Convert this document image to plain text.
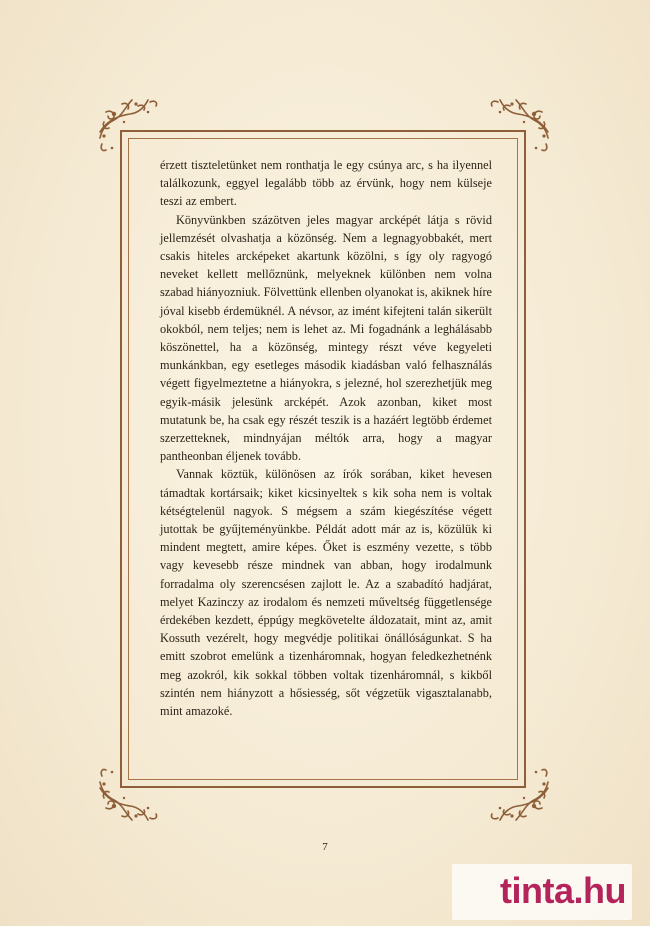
érzett tiszteletünket nem ronthatja le egy csúnya arc, s ha ilyennel találkozunk, eggyel legalább több az érvünk, hogy nem külseje teszi az embert.

Könyvünkben százötven jeles magyar arcképét látja s rövid jellemzését olvashatja a közönség. Nem a legnagyobbakét, mert csakis hiteles arcképeket akartunk közölni, s így oly ragyogó neveket kellett mellőznünk, melyeknek különben nem volna szabad hiányozniuk. Fölvettünk ellenben olyanokat is, akiknek híre jóval kisebb érdemüknél. A névsor, az imént kifejteni talán sikerült okokból, nem teljes; nem is lehet az. Mi fogadnánk a leghálásabb köszönettel, ha a közönség, mintegy részt véve kegyeleti munkánkban, egy esetleges második kiadásban való felhasználás végett figyelmeztetne a hiányokra, s jelezné, hol szerezhetjük meg egyik-másik jelesünk arcképét. Azok azonban, kiket most mutatunk be, ha csak egy részét teszik is a hazáért legtöbb érdemet szerzetteknek, mindnyájan méltók arra, hogy a magyar pantheonban éljenek tovább.

Vannak köztük, különösen az írók sorában, kiket hevesen támadtak kortársaik; kiket kicsinyeltek s kik soha nem is voltak kétségtelenül nagyok. S mégsem a szám kiegészítése végett jutottak be gyűjteményünkbe. Példát adott már az is, közülük ki mindent megtett, amire képes. Őket is eszmény vezette, s több vagy kevesebb része mindnek van abban, hogy irodalmunk forradalma oly szerencsésen zajlott le. Az a szabadító hadjárat, melyet Kazinczy az irodalom és nemzeti műveltség függetlensége érdekében kezdett, éppúgy megkövetelte áldozatait, mint az, amit Kossuth vezérelt, hogy megvédje politikai önállóságunkat. S ha emitt szobrot emelünk a tizenháromnak, hogyan feledkezhetnénk meg azokról, kik sokkal többen voltak tizenháromnál, s kikből szintén nem hiányzott a hősiesség, sőt végzetük vigasztalanabb, mint amazoké.

7
tinta.hu
